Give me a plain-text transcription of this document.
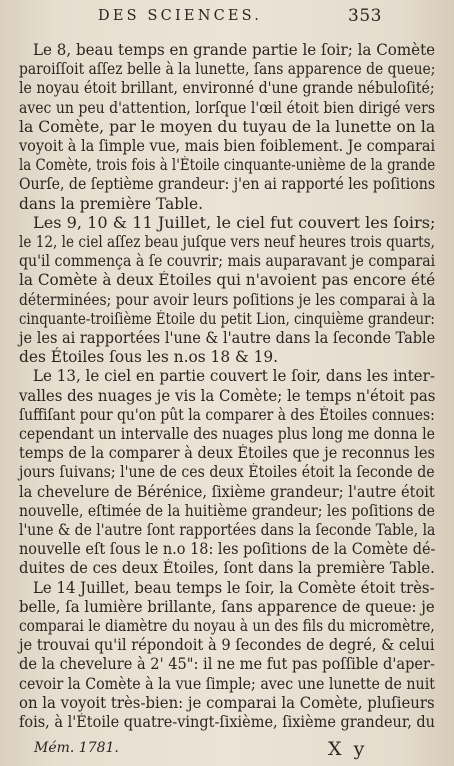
DES SCIENCES.	353
Le 8, beau temps en grande partie le ſoir; la Comète
paroiſſoit aſſez belle à la lunette, ſans apparence de queue;
le noyau étoit brillant, environné d'une grande nébuloſité;
avec un peu d'attention, lorſque l'œil étoit bien dirigé vers
la Comète, par le moyen du tuyau de la lunette on la
voyoit à la ſimple vue, mais bien foiblement. Je comparai
la Comète, trois fois à l'Étoile cinquante-unième de la grande
Ourſe, de ſeptième grandeur: j'en ai rapporté les poſitions
dans la première Table.
Les 9, 10 & 11 Juillet, le ciel fut couvert les ſoirs;
le 12, le ciel aſſez beau juſque vers neuf heures trois quarts,
qu'il commença à ſe couvrir; mais auparavant je comparai
la Comète à deux Étoiles qui n'avoient pas encore été
déterminées; pour avoir leurs poſitions je les comparai à la
cinquante-troiſième Étoile du petit Lion, cinquième grandeur:
je les ai rapportées l'une & l'autre dans la ſeconde Table
des Étoiles ſous les n.os 18 & 19.
Le 13, le ciel en partie couvert le ſoir, dans les inter-
valles des nuages je vis la Comète; le temps n'étoit pas
ſuffiſant pour qu'on pût la comparer à des Étoiles connues:
cependant un intervalle des nuages plus long me donna le
temps de la comparer à deux Étoiles que je reconnus les
jours ſuivans; l'une de ces deux Étoiles étoit la ſeconde de
la chevelure de Bérénice, ſixième grandeur; l'autre étoit
nouvelle, eſtimée de la huitième grandeur; les poſitions de
l'une & de l'autre ſont rapportées dans la ſeconde Table, la
nouvelle eſt ſous le n.o 18: les poſitions de la Comète dé-
duites de ces deux Étoiles, ſont dans la première Table.
Le 14 Juillet, beau temps le ſoir, la Comète étoit très-
belle, ſa lumière brillante, ſans apparence de queue: je
comparai le diamètre du noyau à un des fils du micromètre,
je trouvai qu'il répondoit à 9 ſecondes de degré, & celui
de la chevelure à 2' 45": il ne me fut pas poſſible d'aper-
cevoir la Comète à la vue ſimple; avec une lunette de nuit
on la voyoit très-bien: je comparai la Comète, pluſieurs
fois, à l'Étoile quatre-vingt-ſixième, ſixième grandeur, du
Mém. 1781.	X y
